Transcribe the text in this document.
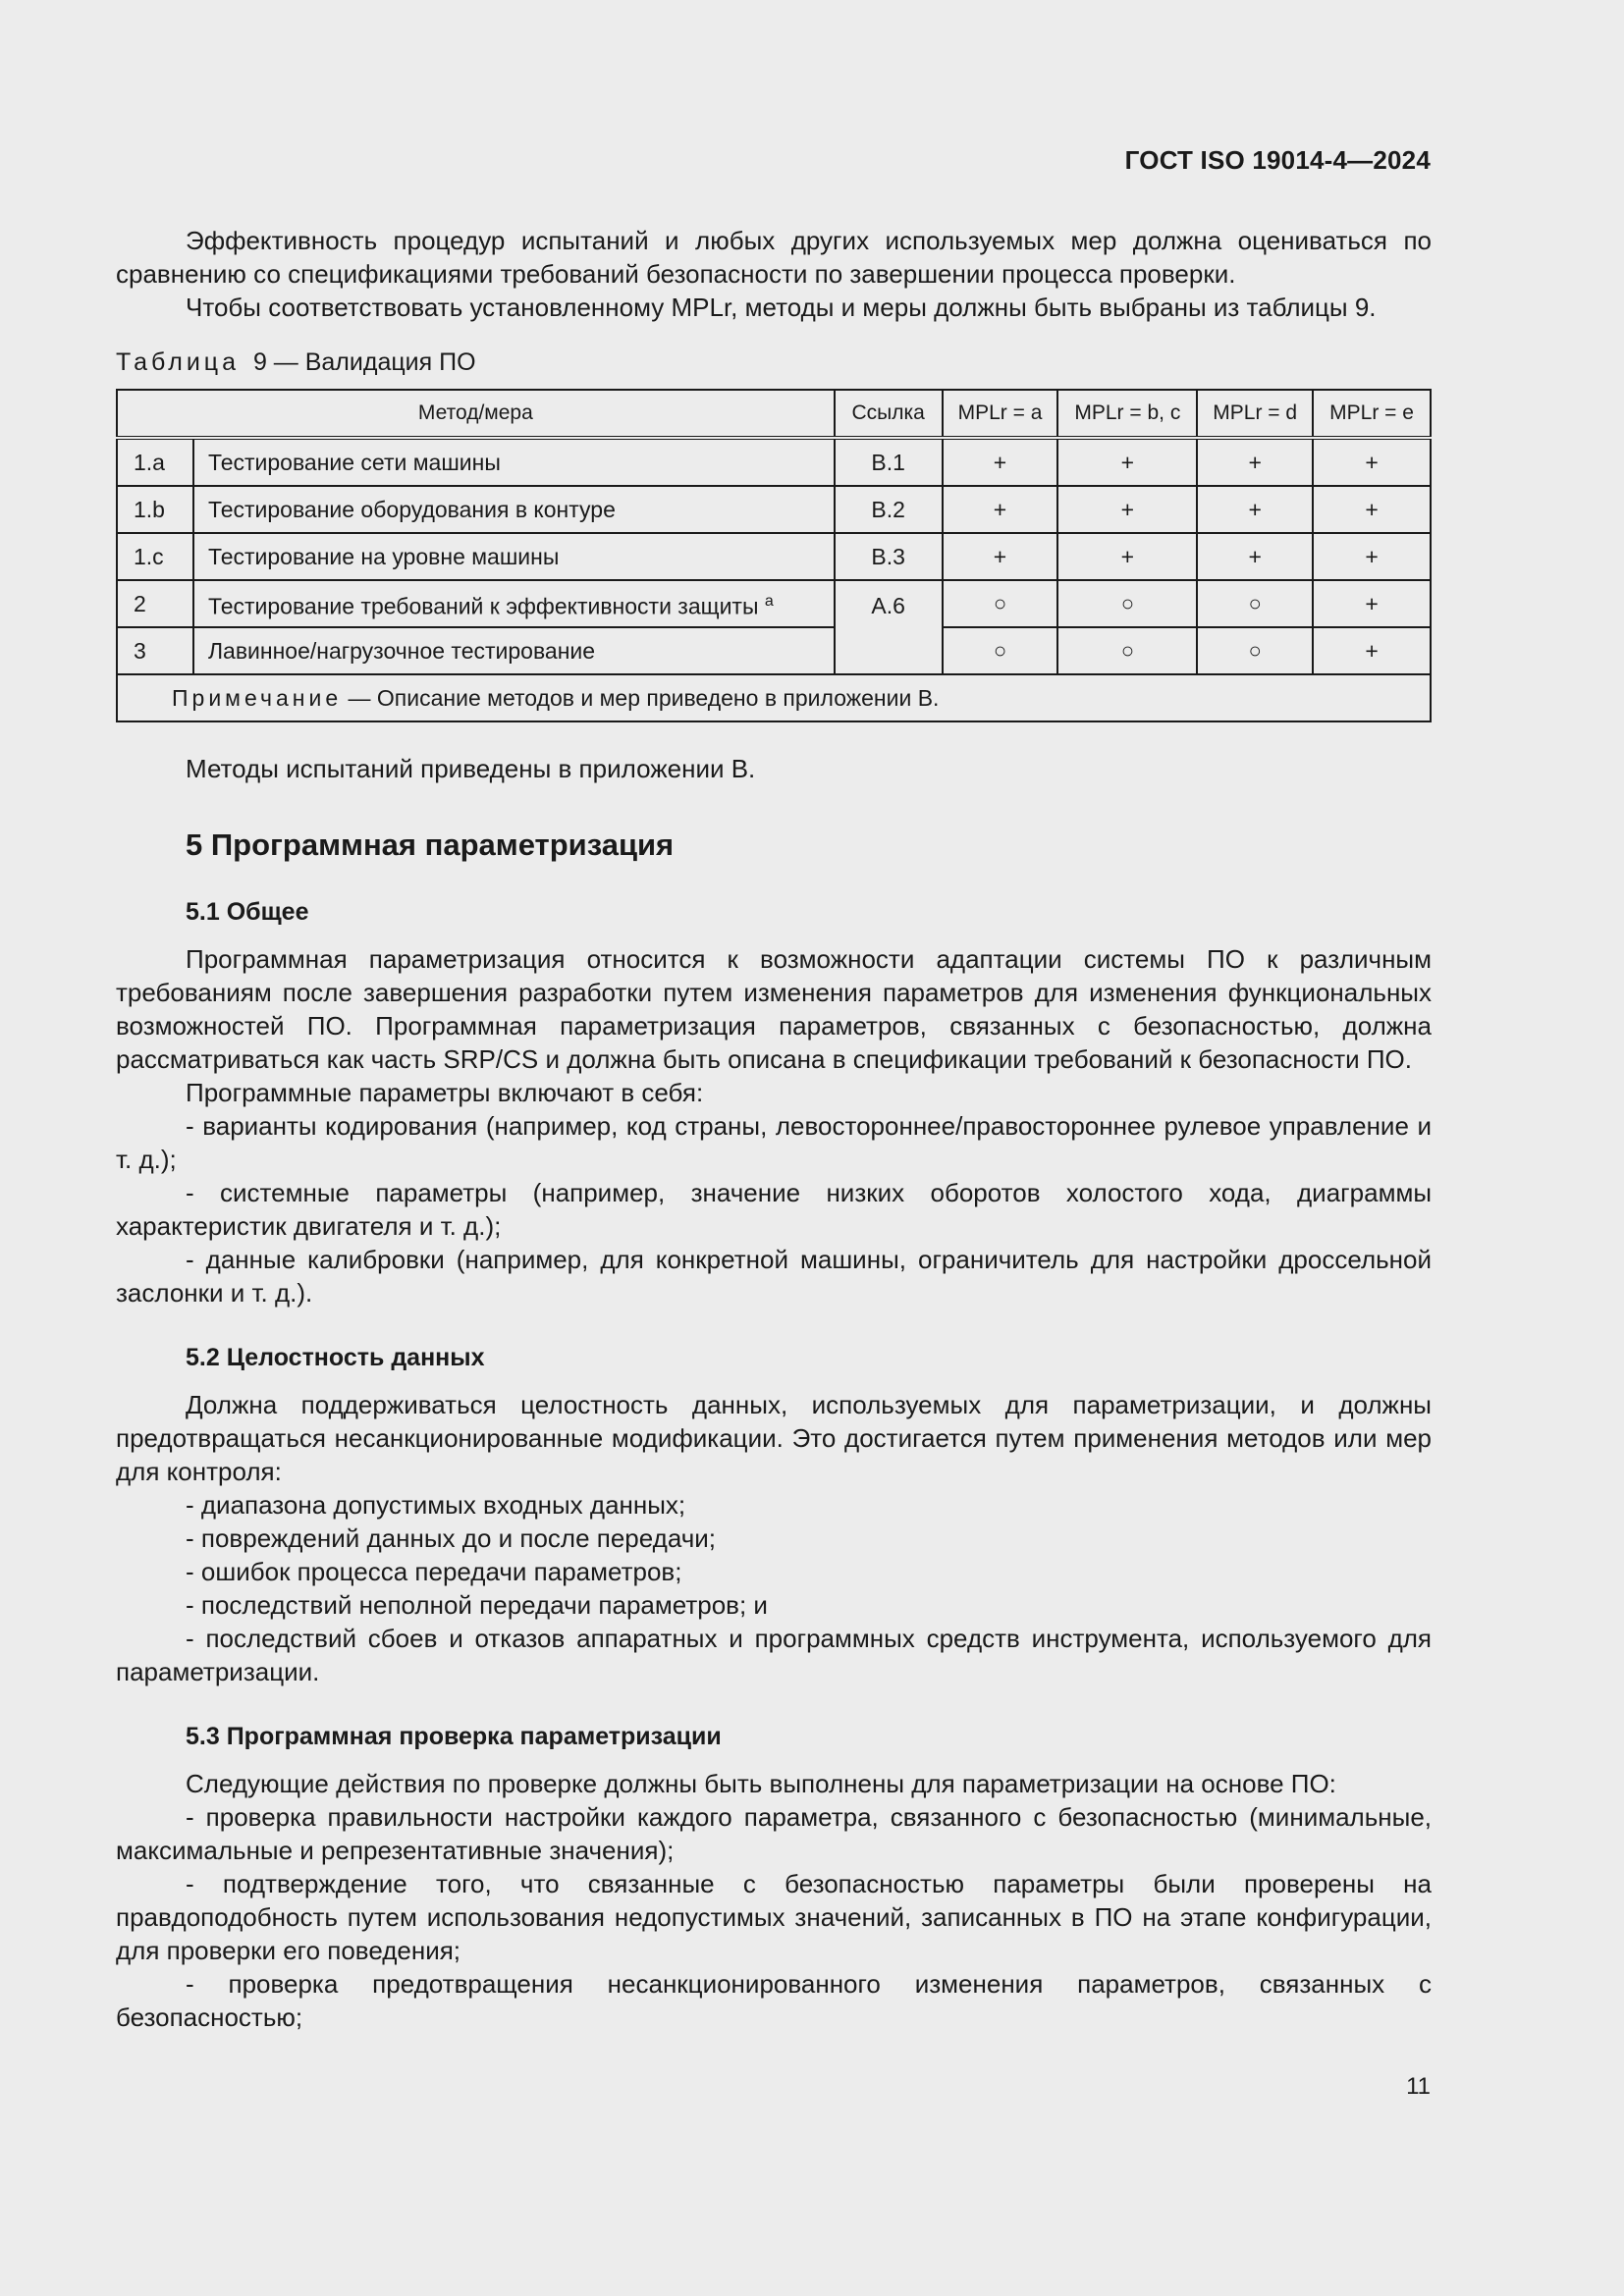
ГОСТ ISO 19014-4—2024

Эффективность процедур испытаний и любых других используемых мер должна оцениваться по сравнению со спецификациями требований безопасности по завершении процесса проверки.

Чтобы соответствовать установленному MPLr, методы и меры должны быть выбраны из таблицы 9.

Таблица 9 — Валидация ПО
Метод/мера		Ссылка	MPLr = a	MPLr = b, c	MPLr = d	MPLr = e
1.a	Тестирование сети машины	B.1	+	+	+	+
1.b	Тестирование оборудования в контуре	B.2	+	+	+	+
1.c	Тестирование на уровне машины	B.3	+	+	+	+
2	Тестирование требований к эффективности защиты $^a$	A.6	○	○	○	+
3	Лавинное/нагрузочное тестирование		○	○	○	+
Примечание — Описание методов и мер приведено в приложении B.						

Методы испытаний приведены в приложении B.

5 Программная параметризация
5.1 Общее

Программная параметризация относится к возможности адаптации системы ПО к различным требованиям после завершения разработки путем изменения параметров для изменения функциональных возможностей ПО. Программная параметризация параметров, связанных с безопасностью, должна рассматриваться как часть SRP/CS и должна быть описана в спецификации требований к безопасности ПО.

Программные параметры включают в себя:

- варианты кодирования (например, код страны, левостороннее/правостороннее рулевое управление и т. д.);

- системные параметры (например, значение низких оборотов холостого хода, диаграммы характеристик двигателя и т. д.);

- данные калибровки (например, для конкретной машины, ограничитель для настройки дроссельной заслонки и т. д.).

5.2 Целостность данных

Должна поддерживаться целостность данных, используемых для параметризации, и должны предотвращаться несанкционированные модификации. Это достигается путем применения методов или мер для контроля:

- диапазона допустимых входных данных;

- повреждений данных до и после передачи;

- ошибок процесса передачи параметров;

- последствий неполной передачи параметров; и

- последствий сбоев и отказов аппаратных и программных средств инструмента, используемого для параметризации.

5.3 Программная проверка параметризации

Следующие действия по проверке должны быть выполнены для параметризации на основе ПО:

- проверка правильности настройки каждого параметра, связанного с безопасностью (минимальные, максимальные и репрезентативные значения);

- подтверждение того, что связанные с безопасностью параметры были проверены на правдоподобность путем использования недопустимых значений, записанных в ПО на этапе конфигурации, для проверки его поведения;

- проверка предотвращения несанкционированного изменения параметров, связанных с безопасностью;

11
